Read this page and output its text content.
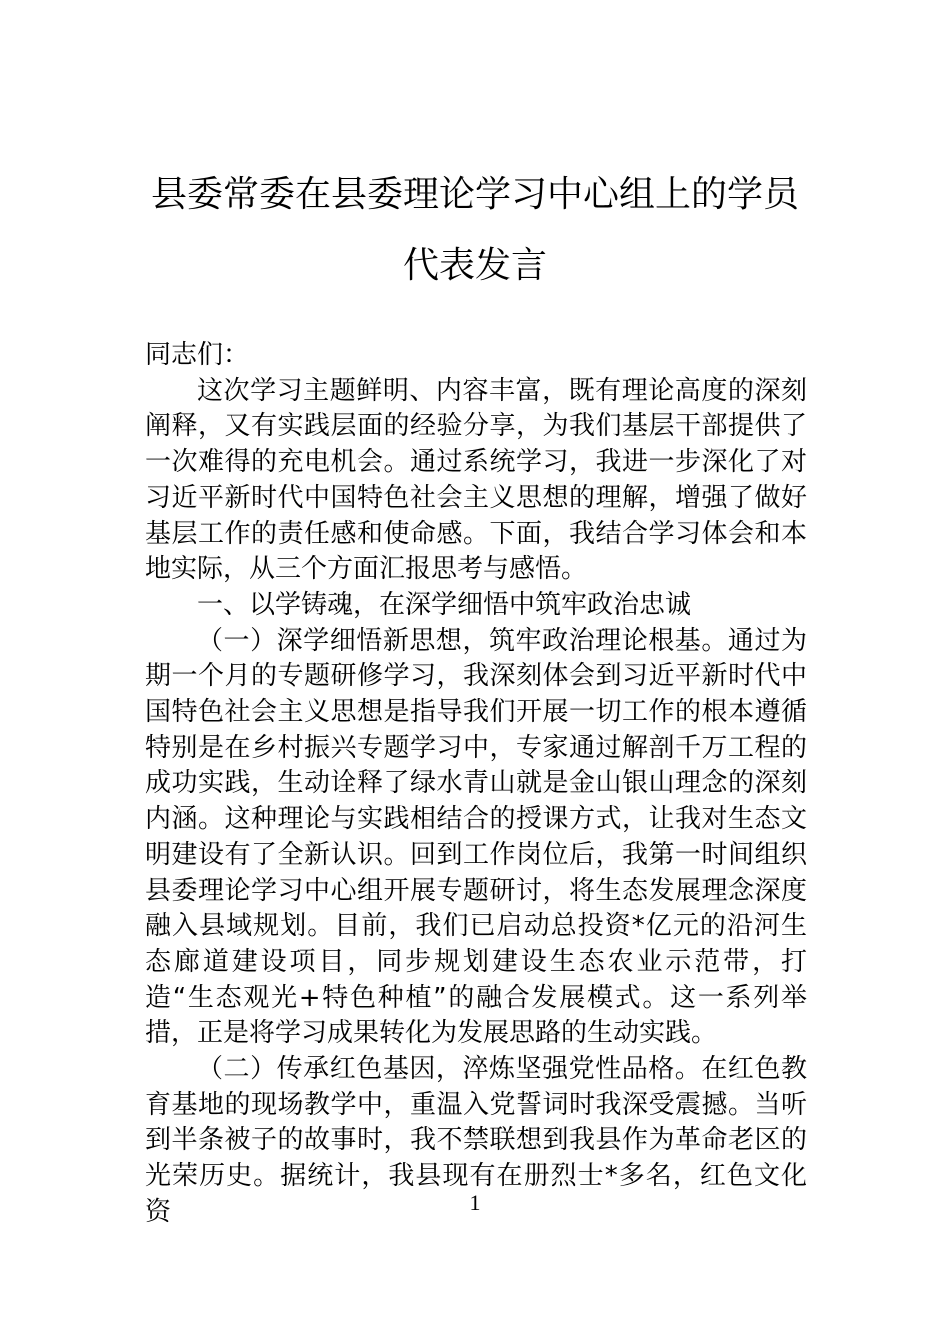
县委常委在县委理论学习中心组上的学员
代表发言

同志们：

这次学习主题鲜明、内容丰富，既有理论高度的深刻阐释，又有实践层面的经验分享，为我们基层干部提供了一次难得的充电机会。通过系统学习，我进一步深化了对习近平新时代中国特色社会主义思想的理解，增强了做好基层工作的责任感和使命感。下面，我结合学习体会和本地实际，从三个方面汇报思考与感悟。

一、以学铸魂，在深学细悟中筑牢政治忠诚

（一）深学细悟新思想，筑牢政治理论根基。通过为期一个月的专题研修学习，我深刻体会到习近平新时代中国特色社会主义思想是指导我们开展一切工作的根本遵循特别是在乡村振兴专题学习中，专家通过解剖千万工程的成功实践，生动诠释了绿水青山就是金山银山理念的深刻内涵。这种理论与实践相结合的授课方式，让我对生态文明建设有了全新认识。回到工作岗位后，我第一时间组织县委理论学习中心组开展专题研讨，将生态发展理念深度融入县域规划。目前，我们已启动总投资*亿元的沿河生态廊道建设项目，同步规划建设生态农业示范带，打造“生态观光+特色种植”的融合发展模式。这一系列举措，正是将学习成果转化为发展思路的生动实践。

（二）传承红色基因，淬炼坚强党性品格。在红色教育基地的现场教学中，重温入党誓词时我深受震撼。当听到半条被子的故事时，我不禁联想到我县作为革命老区的光荣历史。据统计，我县现有在册烈士*多名，红色文化资	1
